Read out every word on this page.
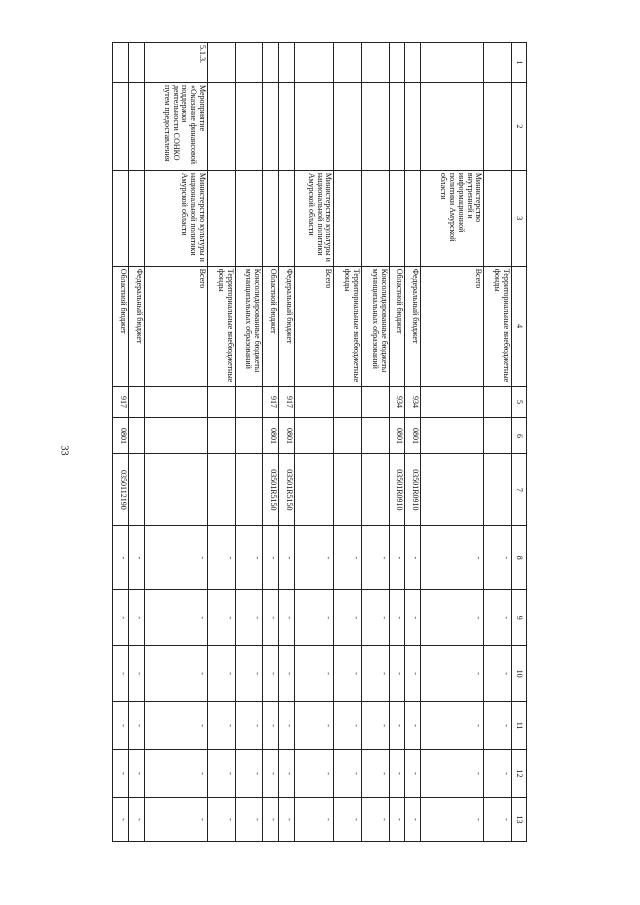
33
1	2	3	4	5	6	7	8	9	10	11	12	13
			Территориальные внебюджетные фонды				-	-	-	-	-	-
		Министерство внутренней и информационной политики Амурской области	Всего				-	-	-	-	-	-
			Федеральный бюджет	934	0801	03501R0910	-	-	-	-	-	-
			Областной бюджет	934	0801	03501R0910	-	-	-	-	-	-
			Консолидированные бюджеты муниципальных образований				-	-	-	-	-	-
			Территориальные внебюджетные фонды				-	-	-	-	-	-
		Министерство культуры и национальной политики Амурской области	Всего				-	-	-	-	-	-
			Федеральный бюджет	917	0801	03501R5150	-	-	-	-	-	-
			Областной бюджет	917	0801	03501R5150	-	-	-	-	-	-
			Консолидированные бюджеты муниципальных образований				-	-	-	-	-	-
			Территориальные внебюджетные фонды				-	-	-	-	-	-
5.1.3.	Мероприятие «Оказание финансовой поддержки деятельности СОНКО путем предоставления	Министерство культуры и национальной политики Амурской области	Всего				-	-	-	-	-	-
			Федеральный бюджет				-	-	-	-	-	-
			Областной бюджет	917	0801	0350112190	-	-	-	-	-	-
